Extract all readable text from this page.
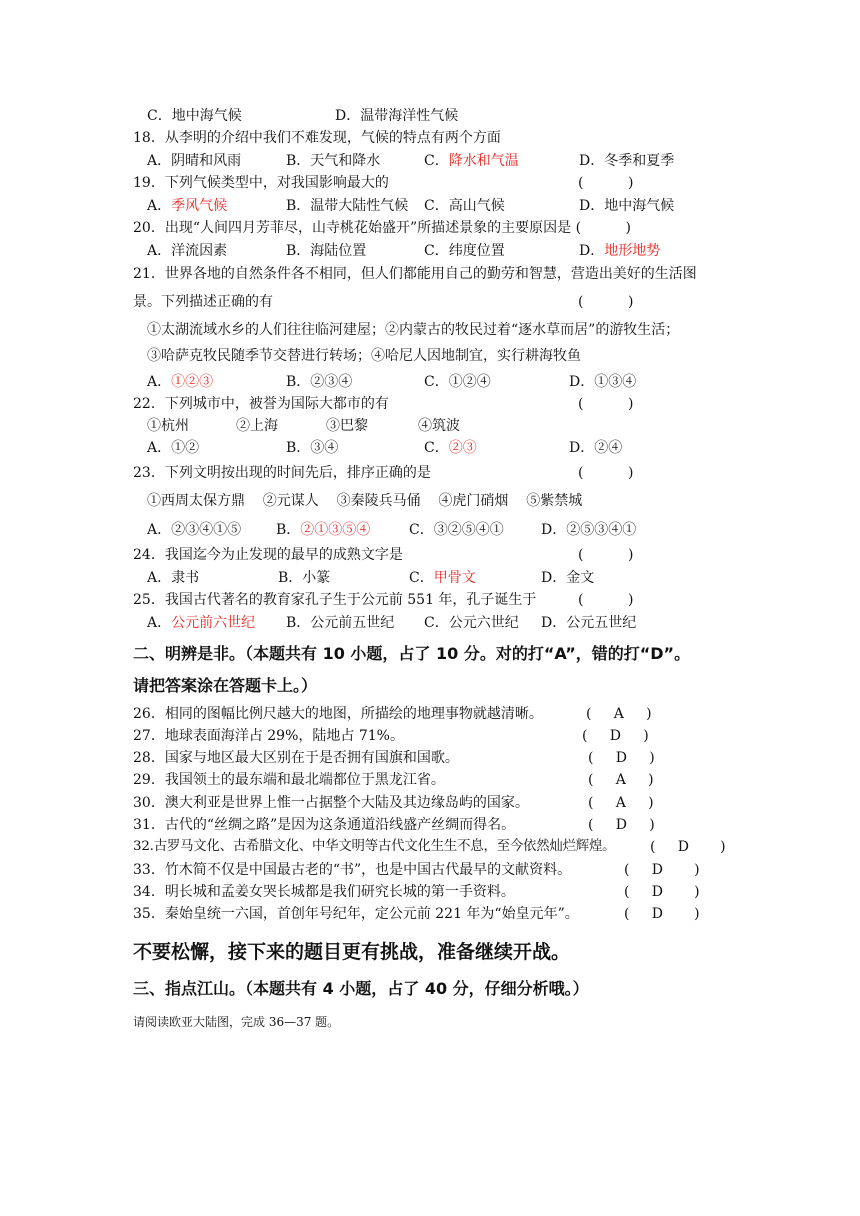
C．地中海气候	D．温带海洋性气候
18．从李明的介绍中我们不难发现，气候的特点有两个方面
A．阴晴和风雨	B．天气和降水	C．降水和气温	D．冬季和夏季
19．下列气候类型中，对我国影响最大的	(          )
A．季风气候	B．温带大陆性气候 C．高山气候	D．地中海气候
20．出现“人间四月芳菲尽，山寺桃花始盛开”所描述景象的主要原因是 (          )
A．洋流因素	B．海陆位置	C．纬度位置	D．地形地势
21．世界各地的自然条件各不相同，但人们都能用自己的勤劳和智慧，营造出美好的生活图
景。下列描述正确的有	(          )
①太湖流域水乡的人们往往临河建屋；②内蒙古的牧民过着“逐水草而居”的游牧生活；
③哈萨克牧民随季节交替进行转场；④哈尼人因地制宜，实行耕海牧鱼
A．①②③	B．②③④	C．①②④	D．①③④
22．下列城市中，被誉为国际大都市的有	(          )
①杭州	②上海	③巴黎	④筑波
A．①②	B．③④	C．②③	D．②④
23．下列文明按出现的时间先后，排序正确的是	(          )
①西周太保方鼎    ②元谋人    ③秦陵兵马俑    ④虎门硝烟    ⑤紫禁城
A．②③④①⑤ B．②①③⑤④	C．③②⑤④①	D．②⑤③④①
24．我国迄今为止发现的最早的成熟文字是	(          )
A．隶书	B．小篆	C．甲骨文	D．金文
25．我国古代著名的教育家孔子生于公元前 551 年，孔子诞生于	(          )
A．公元前六世纪 B．公元前五世纪 C．公元六世纪 D．公元五世纪
二、明辨是非。（本题共有 10 小题，占了 10 分。对的打“A”，错的打“D”。
请把答案涂在答题卡上。）
26．相同的图幅比例尺越大的地图，所描绘的地理事物就越清晰。	(     A     )
27．地球表面海洋占 29%，陆地占 71%。	(     D     )
28．国家与地区最大区别在于是否拥有国旗和国歌。	(     D     )
29．我国领土的最东端和最北端都位于黑龙江省。	(     A     )
30．澳大利亚是世界上惟一占据整个大陆及其边缘岛屿的国家。	(     A     )
31．古代的“丝绸之路”是因为这条通道沿线盛产丝绸而得名。	(     D     )
32.古罗马文化、古希腊文化、中华文明等古代文化生生不息，至今依然灿烂辉煌。 (     D       )
33．竹木简不仅是中国最古老的“书”，也是中国古代最早的文献资料。	(     D       )
34．明长城和孟姜女哭长城都是我们研究长城的第一手资料。	(     D       )
35．秦始皇统一六国，首创年号纪年，定公元前 221 年为“始皇元年”。	(     D       )
不要松懈，接下来的题目更有挑战，准备继续开战。
三、指点江山。（本题共有 4 小题，占了 40 分，仔细分析哦。）
请阅读欧亚大陆图，完成 36—37 题。
